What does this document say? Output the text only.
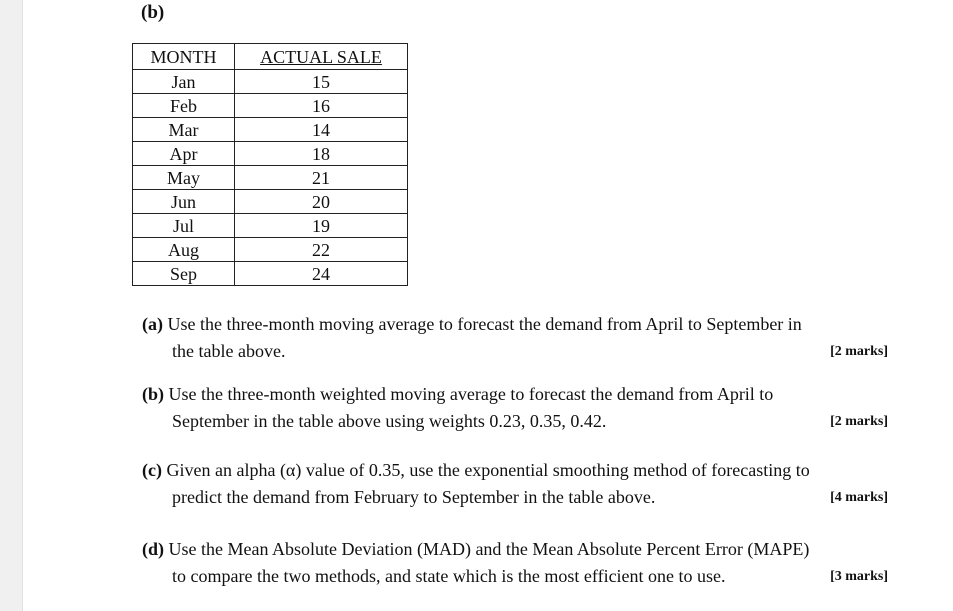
(b)
MONTH	ACTUAL SALE
Jan	15
Feb	16
Mar	14
Apr	18
May	21
Jun	20
Jul	19
Aug	22
Sep	24
(a) Use the three-month moving average to forecast the demand from April to September in
the table above.	[2 marks]
(b) Use the three-month weighted moving average to forecast the demand from April to
September in the table above using weights 0.23, 0.35, 0.42.	[2 marks]
(c) Given an alpha (α) value of 0.35, use the exponential smoothing method of forecasting to
predict the demand from February to September in the table above.	[4 marks]
(d) Use the Mean Absolute Deviation (MAD) and the Mean Absolute Percent Error (MAPE)
to compare the two methods, and state which is the most efficient one to use.	[3 marks]
